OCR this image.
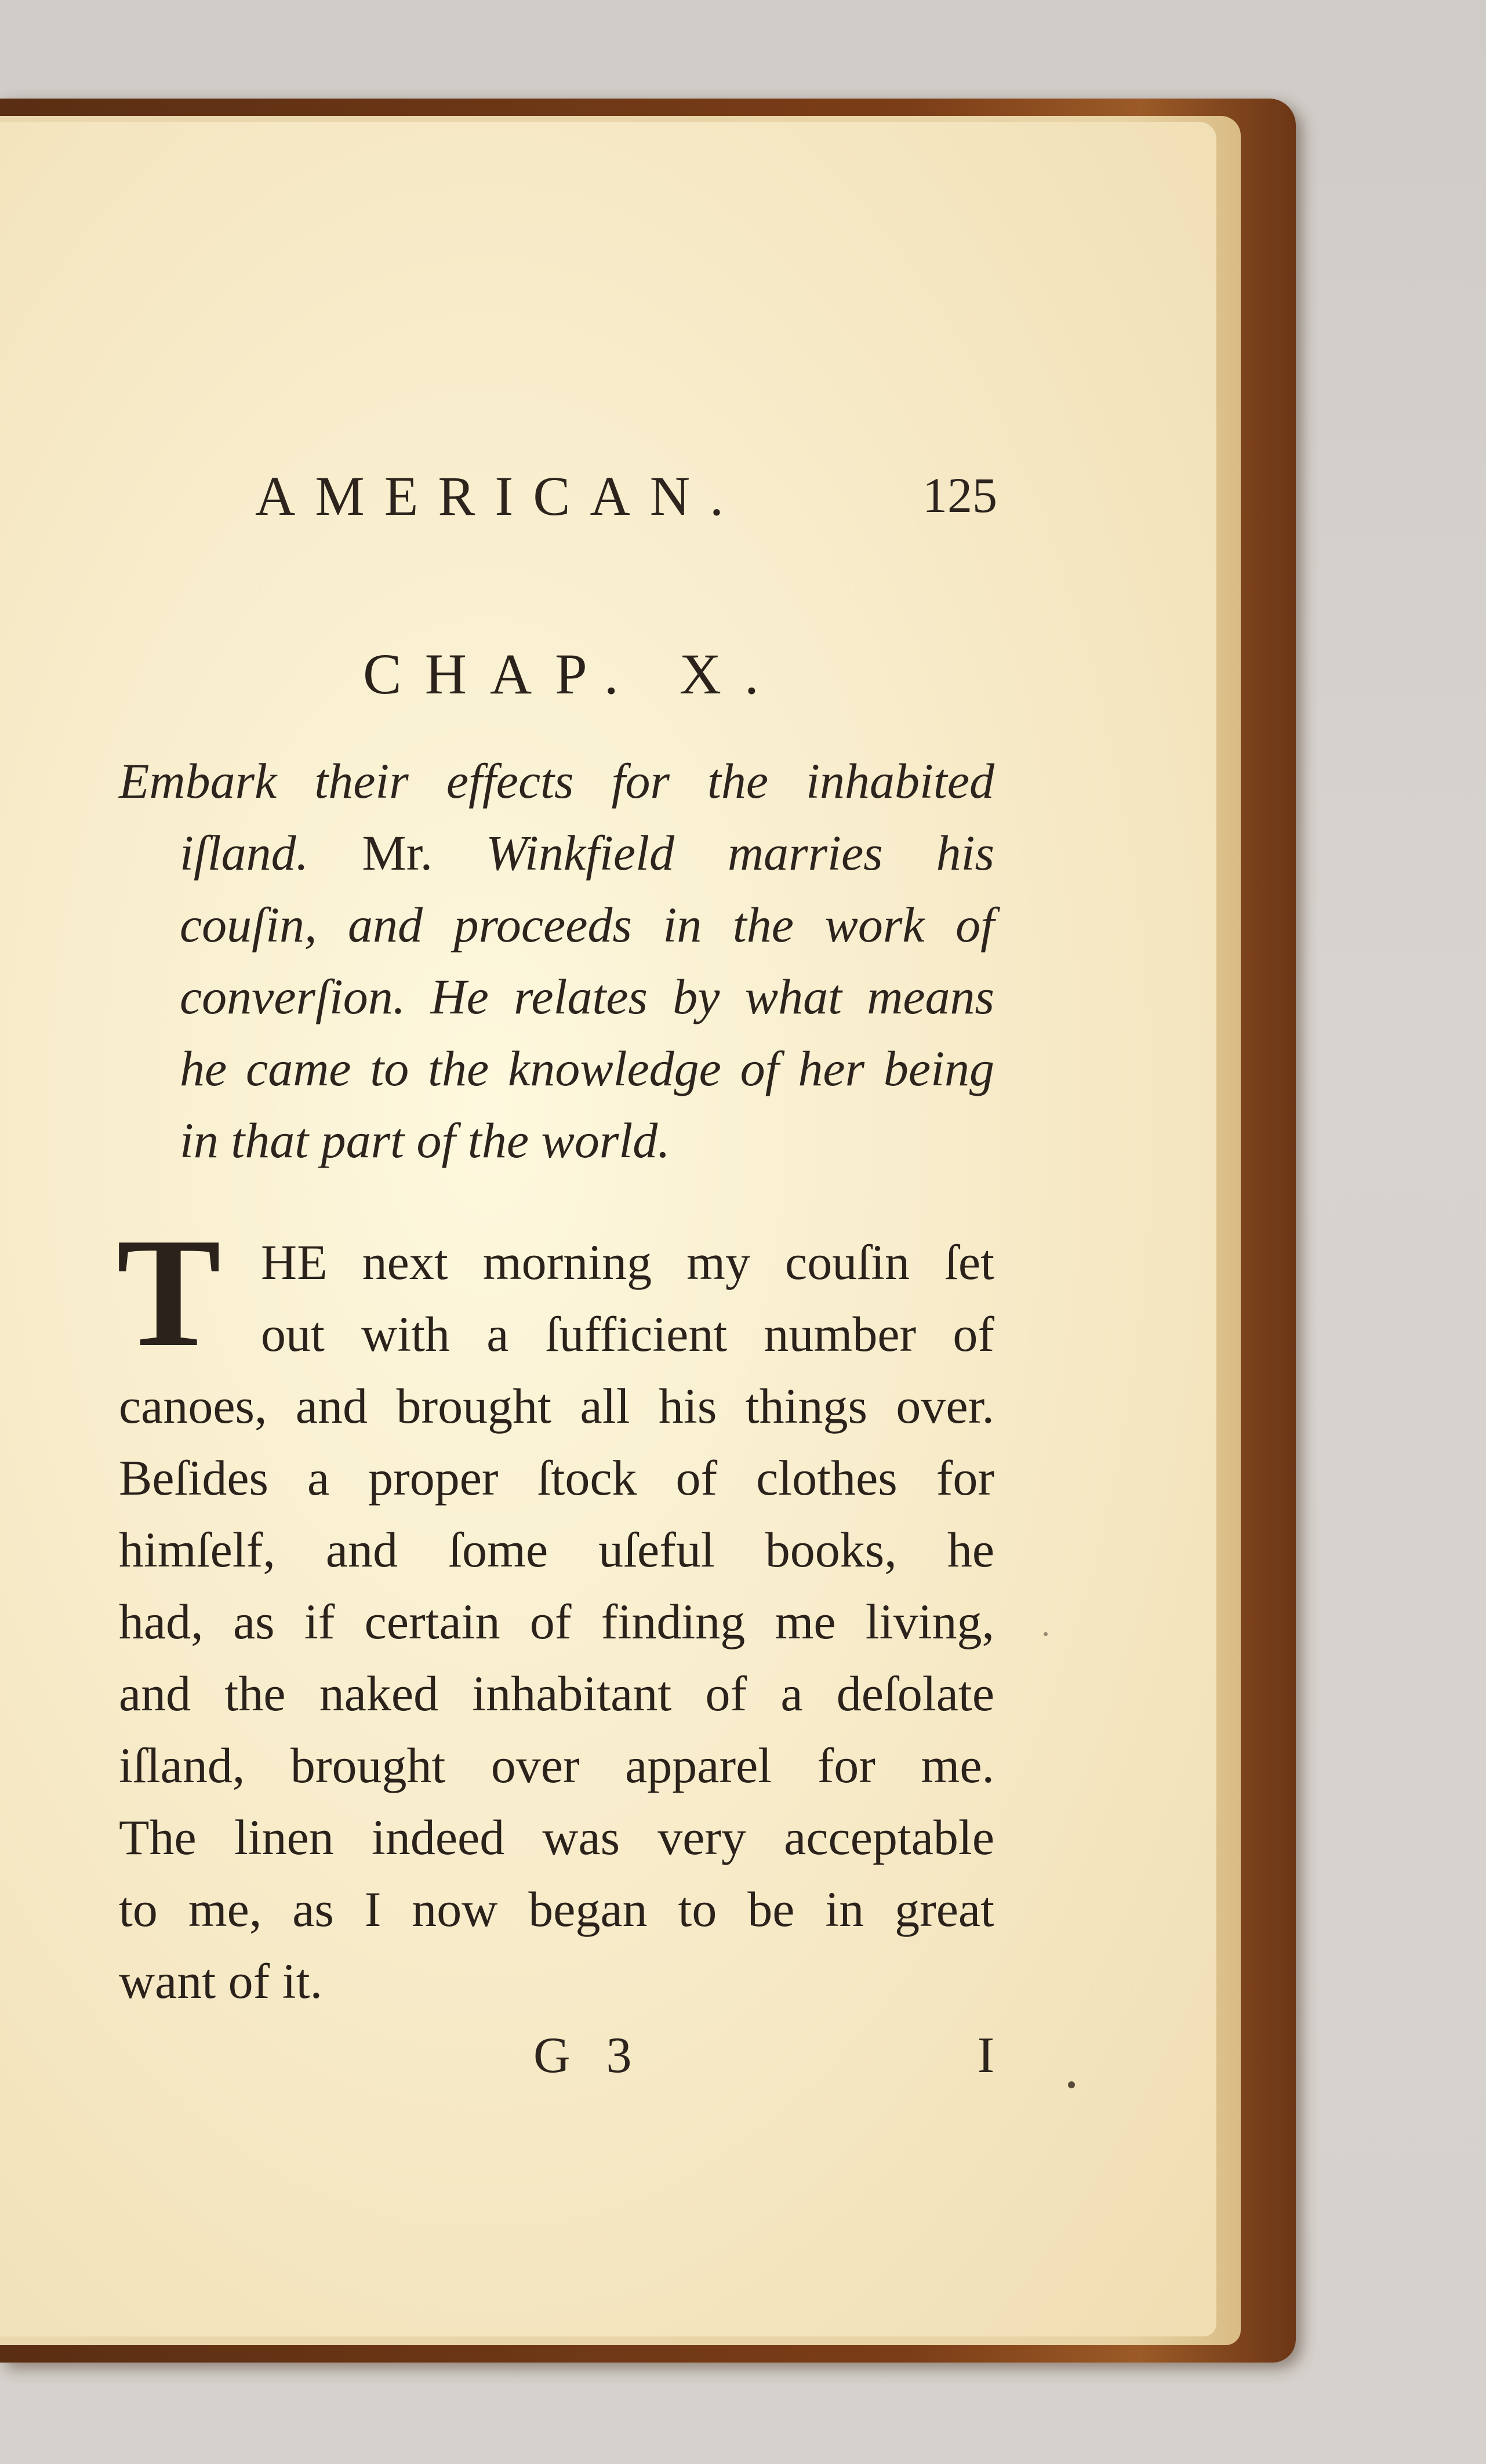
AMERICAN.	125
CHAP. X.
Embark their effects for the inhabited
iſland. Mr. Winkfield marries his
couſin, and proceeds in the work of
converſion. He relates by what means
he came to the knowledge of her being
in that part of the world.
T HE next morning my couſin ſet
out with a ſufficient number of
canoes, and brought all his things over.
Beſides a proper ſtock of clothes for
himſelf, and ſome uſeful books, he
had, as if certain of finding me living,
and the naked inhabitant of a deſolate
iſland, brought over apparel for me.
The linen indeed was very acceptable
to me, as I now began to be in great
want of it.
G 3	I
